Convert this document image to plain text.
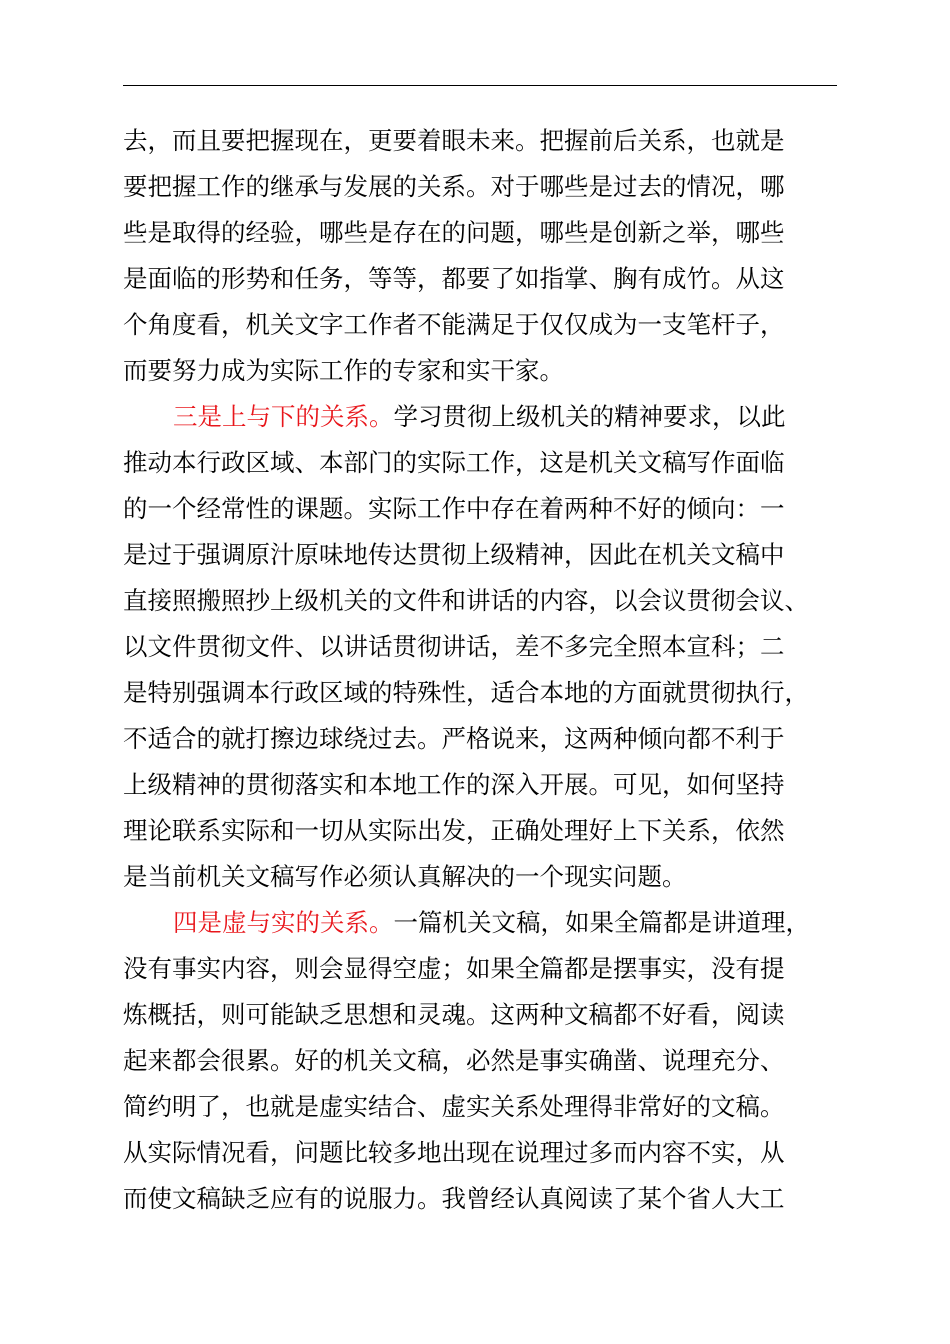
去，而且要把握现在，更要着眼未来。把握前后关系，也就是
要把握工作的继承与发展的关系。对于哪些是过去的情况，哪
些是取得的经验，哪些是存在的问题，哪些是创新之举，哪些
是面临的形势和任务，等等，都要了如指掌、胸有成竹。从这
个角度看，机关文字工作者不能满足于仅仅成为一支笔杆子，
而要努力成为实际工作的专家和实干家。
三是上与下的关系。学习贯彻上级机关的精神要求，以此
推动本行政区域、本部门的实际工作，这是机关文稿写作面临
的一个经常性的课题。实际工作中存在着两种不好的倾向：一
是过于强调原汁原味地传达贯彻上级精神，因此在机关文稿中
直接照搬照抄上级机关的文件和讲话的内容，以会议贯彻会议、
以文件贯彻文件、以讲话贯彻讲话，差不多完全照本宣科；二
是特别强调本行政区域的特殊性，适合本地的方面就贯彻执行，
不适合的就打擦边球绕过去。严格说来，这两种倾向都不利于
上级精神的贯彻落实和本地工作的深入开展。可见，如何坚持
理论联系实际和一切从实际出发，正确处理好上下关系，依然
是当前机关文稿写作必须认真解决的一个现实问题。
四是虚与实的关系。一篇机关文稿，如果全篇都是讲道理，
没有事实内容，则会显得空虚；如果全篇都是摆事实，没有提
炼概括，则可能缺乏思想和灵魂。这两种文稿都不好看，阅读
起来都会很累。好的机关文稿，必然是事实确凿、说理充分、
简约明了，也就是虚实结合、虚实关系处理得非常好的文稿。
从实际情况看，问题比较多地出现在说理过多而内容不实，从
而使文稿缺乏应有的说服力。我曾经认真阅读了某个省人大工
